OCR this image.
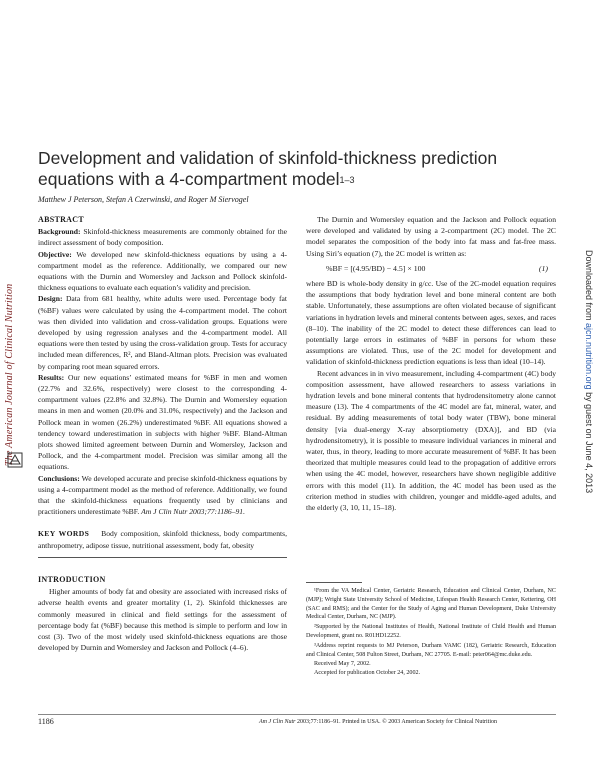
The American Journal of Clinical Nutrition	Downloaded from ajcn.nutrition.org by guest on June 4, 2013
Development and validation of skinfold-thickness prediction equations with a 4-compartment model$^{1-3}$
Matthew J Peterson, Stefan A Czerwinski, and Roger M Siervogel
ABSTRACT

Background: Skinfold-thickness measurements are commonly obtained for the indirect assessment of body composition.

Objective: We developed new skinfold-thickness equations by using a 4-compartment model as the reference. Additionally, we compared our new equations with the Durnin and Womersley and Jackson and Pollock skinfold-thickness equations to evaluate each equation’s validity and precision.

Design: Data from 681 healthy, white adults were used. Percentage body fat (%BF) values were calculated by using the 4-compartment model. The cohort was then divided into validation and cross-validation groups. Equations were developed by using regression analyses and the 4-compartment model. All equations were then tested by using the cross-validation group. Tests for accuracy included mean differences, R², and Bland-Altman plots. Precision was evaluated by comparing root mean squared errors.

Results: Our new equations’ estimated means for %BF in men and women (22.7% and 32.6%, respectively) were closest to the corresponding 4-compartment values (22.8% and 32.8%). The Durnin and Womersley equation means in men and women (20.0% and 31.0%, respectively) and the Jackson and Pollock mean in women (26.2%) underestimated %BF. All equations showed a tendency toward underestimation in subjects with higher %BF. Bland-Altman plots showed limited agreement between Durnin and Womersley, Jackson and Pollock, and the 4-compartment model. Precision was similar among all the equations.

Conclusions: We developed accurate and precise skinfold-thickness equations by using a 4-compartment model as the method of reference. Additionally, we found that the skinfold-thickness equations frequently used by clinicians and practitioners underestimate %BF. Am J Clin Nutr 2003;77:1186–91.

KEY WORDS Body composition, skinfold thickness, body compartments, anthropometry, adipose tissue, nutritional assessment, body fat, obesity

INTRODUCTION

Higher amounts of body fat and obesity are associated with increased risks of adverse health events and greater mortality (1, 2). Skinfold thicknesses are commonly measured in clinical and field settings for the assessment of percentage body fat (%BF) because this method is simple to perform and low in cost (3). Two of the most widely used skinfold-thickness equations are those developed by Durnin and Womersley and Jackson and Pollock (4–6).

The Durnin and Womersley equation and the Jackson and Pollock equation were developed and validated by using a 2-compartment (2C) model. The 2C model separates the composition of the body into fat mass and fat-free mass. Using Siri’s equation (7), the 2C model is written as:

%BF = [(4.95/BD) − 4.5] × 100	(1)

where BD is whole-body density in g/cc. Use of the 2C-model equation requires the assumptions that body hydration level and bone mineral content are both stable. Unfortunately, these assumptions are often violated because of significant variations in hydration levels and mineral contents between ages, sexes, and races (8–10). The inability of the 2C model to detect these differences can lead to potentially large errors in estimates of %BF in persons for whom these assumptions are violated. Thus, use of the 2C model for development and validation of skinfold-thickness prediction equations is less than ideal (10–14).

Recent advances in in vivo measurement, including 4-compartment (4C) body composition assessment, have allowed researchers to assess variations in hydration levels and bone mineral contents that hydrodensitometry alone cannot measure (13). The 4 compartments of the 4C model are fat, mineral, water, and residual. By adding measurements of total body water (TBW), bone mineral density [via dual-energy X-ray absorptiometry (DXA)], and BD (via hydrodensitometry), it is possible to measure individual variances in mineral and water, thus, in theory, leading to more accurate measurement of %BF. It has been theorized that multiple measures could lead to the propagation of additive errors when using the 4C model, however, researchers have shown negligible additive errors with this model (11). In addition, the 4C model has been used as the criterion method in studies with children, younger and middle-aged adults, and the elderly (3, 10, 11, 15–18).

¹From the VA Medical Center, Geriatric Research, Education and Clinical Center, Durham, NC (MJP); Wright State University School of Medicine, Lifespan Health Research Center, Kettering, OH (SAC and RMS); and the Center for the Study of Aging and Human Development, Duke University Medical Center, Durham, NC (MJP).

²Supported by the National Institutes of Health, National Institute of Child Health and Human Development, grant no. R01HD12252.

³Address reprint requests to MJ Peterson, Durham VAMC (182), Geriatric Research, Education and Clinical Center, 508 Fulton Street, Durham, NC 27705. E-mail: peter064@mc.duke.edu.

Received May 7, 2002.

Accepted for publication October 24, 2002.

1186	Am J Clin Nutr 2003;77:1186–91. Printed in USA. © 2003 American Society for Clinical Nutrition
